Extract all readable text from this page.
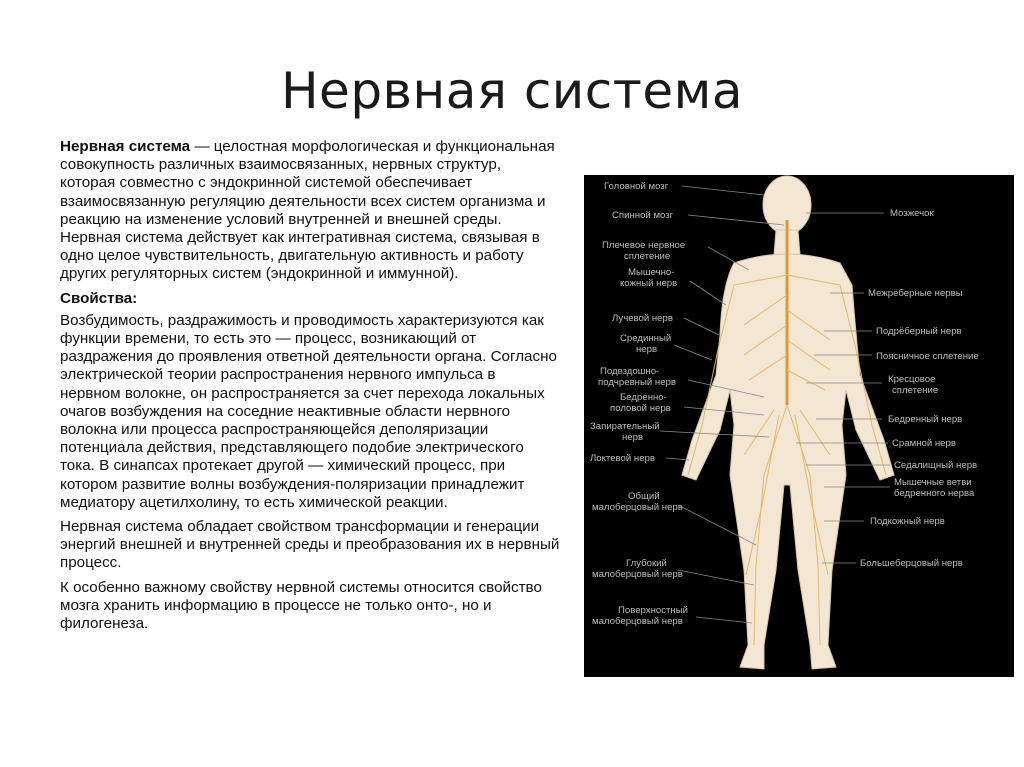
Нервная система

Нервная система — целостная морфологическая и функциональная совокупность различных взаимосвязанных, нервных структур, которая совместно с эндокринной системой обеспечивает взаимосвязанную регуляцию деятельности всех систем организма и реакцию на изменение условий внутренней и внешней среды. Нервная система действует как интегративная система, связывая в одно целое чувствительность, двигательную активность и работу других регуляторных систем (эндокринной и иммунной).

Свойства:

Возбудимость, раздражимость и проводимость характеризуются как функции времени, то есть это — процесс, возникающий от раздражения до проявления ответной деятельности органа. Согласно электрической теории распространения нервного импульса в нервном волокне, он распространяется за счет перехода локальных очагов возбуждения на соседние неактивные области нервного волокна или процесса распространяющейся деполяризации потенциала действия, представляющего подобие электрического тока. В синапсах протекает другой — химический процесс, при котором развитие волны возбуждения-поляризации принадлежит медиатору ацетилхолину, то есть химической реакции.

Нервная система обладает свойством трансформации и генерации энергий внешней и внутренней среды и преобразования их в нервный процесс.

К особенно важному свойству нервной системы относится свойство мозга хранить информацию в процессе не только онто-, но и филогенеза.

Головной мозг
Спинной мозг
Плечевое нервное сплетение
Мышечно-кожный нерв
Лучевой нерв
Срединный нерв
Подвздошно-подчревный нерв
Бедренно-половой нерв
Запирательный нерв
Локтевой нерв
Общий малоберцовый нерв
Глубокий малоберцовый нерв
Поверхностный малоберцовый нерв
Мозжечок
Межрёберные нервы
Подрёберный нерв
Поясничное сплетение
Кресцовое сплетение
Бедренный нерв
Срамной нерв
Седалищный нерв
Мышечные ветви бедренного нерва
Подкожный нерв
Большеберцовый нерв
